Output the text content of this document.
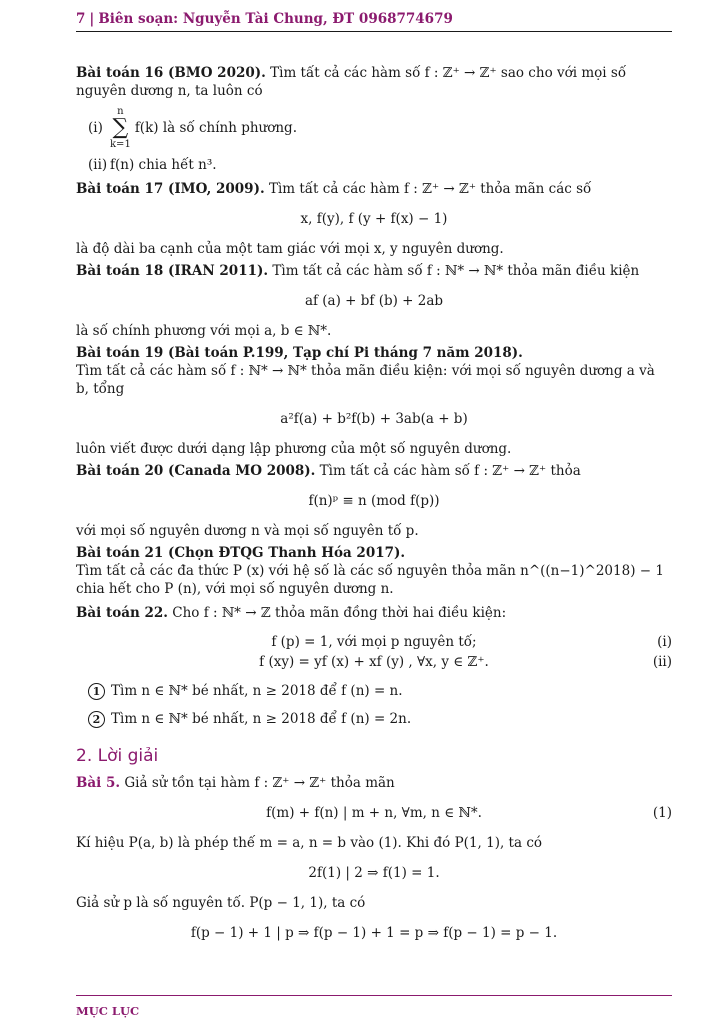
7 | Biên soạn: Nguyễn Tài Chung, ĐT 0968774679

Bài toán 16 (BMO 2020). Tìm tất cả các hàm số f : ℤ⁺ → ℤ⁺ sao cho với mọi số nguyên dương n, ta luôn có

(i)
n
∑
k=1
f(k) là số chính phương.
(ii) f(n) chia hết n³.

Bài toán 17 (IMO, 2009). Tìm tất cả các hàm f : ℤ⁺ → ℤ⁺ thỏa mãn các số

x, f(y), f (y + f(x) − 1)

là độ dài ba cạnh của một tam giác với mọi x, y nguyên dương.

Bài toán 18 (IRAN 2011). Tìm tất cả các hàm số f : ℕ* → ℕ* thỏa mãn điều kiện

af (a) + bf (b) + 2ab

là số chính phương với mọi a, b ∈ ℕ*.

Bài toán 19 (Bài toán P.199, Tạp chí Pi tháng 7 năm 2018).

Tìm tất cả các hàm số f : ℕ* → ℕ* thỏa mãn điều kiện: với mọi số nguyên dương a và b, tổng

a²f(a) + b²f(b) + 3ab(a + b)

luôn viết được dưới dạng lập phương của một số nguyên dương.

Bài toán 20 (Canada MO 2008). Tìm tất cả các hàm số f : ℤ⁺ → ℤ⁺ thỏa

f(n)ᵖ ≡ n (mod f(p))

với mọi số nguyên dương n và mọi số nguyên tố p.

Bài toán 21 (Chọn ĐTQG Thanh Hóa 2017).

Tìm tất cả các đa thức P (x) với hệ số là các số nguyên thỏa mãn n^((n−1)^2018) − 1 chia hết cho P (n), với mọi số nguyên dương n.

Bài toán 22. Cho f : ℕ* → ℤ thỏa mãn đồng thời hai điều kiện:

f (p) = 1, với mọi p nguyên tố;	(i)
f (xy) = yf (x) + xf (y) , ∀x, y ∈ ℤ⁺.	(ii)
1 Tìm n ∈ ℕ* bé nhất, n ≥ 2018 để f (n) = n.
2 Tìm n ∈ ℕ* bé nhất, n ≥ 2018 để f (n) = 2n.
2. Lời giải

Bài 5. Giả sử tồn tại hàm f : ℤ⁺ → ℤ⁺ thỏa mãn

f(m) + f(n) | m + n, ∀m, n ∈ ℕ*.	(1)

Kí hiệu P(a, b) là phép thế m = a, n = b vào (1). Khi đó P(1, 1), ta có

2f(1) | 2 ⇒ f(1) = 1.

Giả sử p là số nguyên tố. P(p − 1, 1), ta có

f(p − 1) + 1 | p ⇒ f(p − 1) + 1 = p ⇒ f(p − 1) = p − 1.
MỤC LỤC
